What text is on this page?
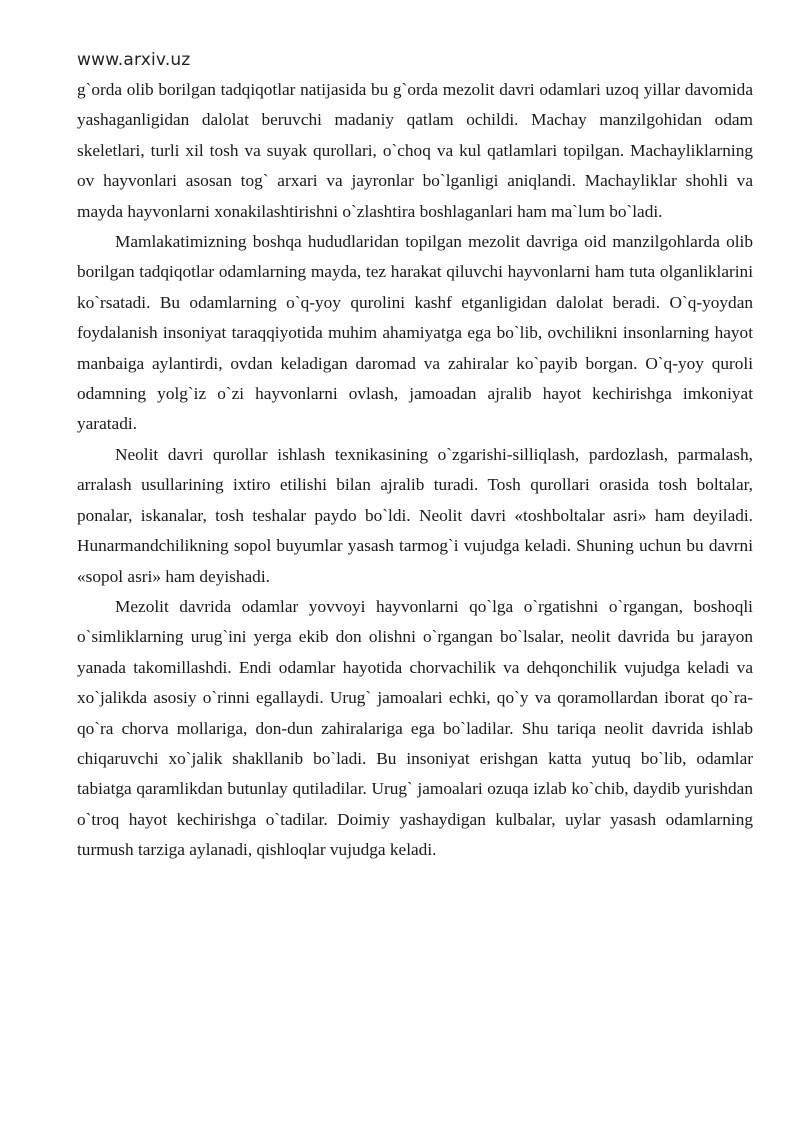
www.arxiv.uz

g`orda olib borilgan tadqiqotlar natijasida bu g`orda mezolit davri odamlari uzoq yillar davomida yashaganligidan dalolat beruvchi madaniy qatlam ochildi. Machay manzilgohidan odam skeletlari, turli xil tosh va suyak qurollari, o`choq va kul qatlamlari topilgan. Machayliklarning ov hayvonlari asosan tog` arxari va jayronlar bo`lganligi aniqlandi. Machayliklar shohli va mayda hayvonlarni xonakilashtirishni o`zlashtira boshlaganlari ham ma`lum bo`ladi.

Mamlakatimizning boshqa hududlaridan topilgan mezolit davriga oid manzilgohlarda olib borilgan tadqiqotlar odamlarning mayda, tez harakat qiluvchi hayvonlarni ham tuta olganliklarini ko`rsatadi. Bu odamlarning o`q-yoy qurolini kashf etganligidan dalolat beradi. O`q-yoydan foydalanish insoniyat taraqqiyotida muhim ahamiyatga ega bo`lib, ovchilikni insonlarning hayot manbaiga aylantirdi, ovdan keladigan daromad va zahiralar ko`payib borgan. O`q-yoy quroli odamning yolg`iz o`zi hayvonlarni ovlash, jamoadan ajralib hayot kechirishga imkoniyat yaratadi.

Neolit davri qurollar ishlash texnikasining o`zgarishi-silliqlash, pardozlash, parmalash, arralash usullarining ixtiro etilishi bilan ajralib turadi. Tosh qurollari orasida tosh boltalar, ponalar, iskanalar, tosh teshalar paydo bo`ldi. Neolit davri «toshboltalar asri» ham deyiladi. Hunarmandchilikning sopol buyumlar yasash tarmog`i vujudga keladi. Shuning uchun bu davrni «sopol asri» ham deyishadi.

Mezolit davrida odamlar yovvoyi hayvonlarni qo`lga o`rgatishni o`rgangan, boshoqli o`simliklarning urug`ini yerga ekib don olishni o`rgangan bo`lsalar, neolit davrida bu jarayon yanada takomillashdi. Endi odamlar hayotida chorvachilik va dehqonchilik vujudga keladi va xo`jalikda asosiy o`rinni egallaydi. Urug` jamoalari echki, qo`y va qoramollardan iborat qo`ra-qo`ra chorva mollariga, don-dun zahiralariga ega bo`ladilar. Shu tariqa neolit davrida ishlab chiqaruvchi xo`jalik shakllanib bo`ladi. Bu insoniyat erishgan katta yutuq bo`lib, odamlar tabiatga qaramlikdan butunlay qutiladilar. Urug` jamoalari ozuqa izlab ko`chib, daydib yurishdan o`troq hayot kechirishga o`tadilar. Doimiy yashaydigan kulbalar, uylar yasash odamlarning turmush tarziga aylanadi, qishloqlar vujudga keladi.
